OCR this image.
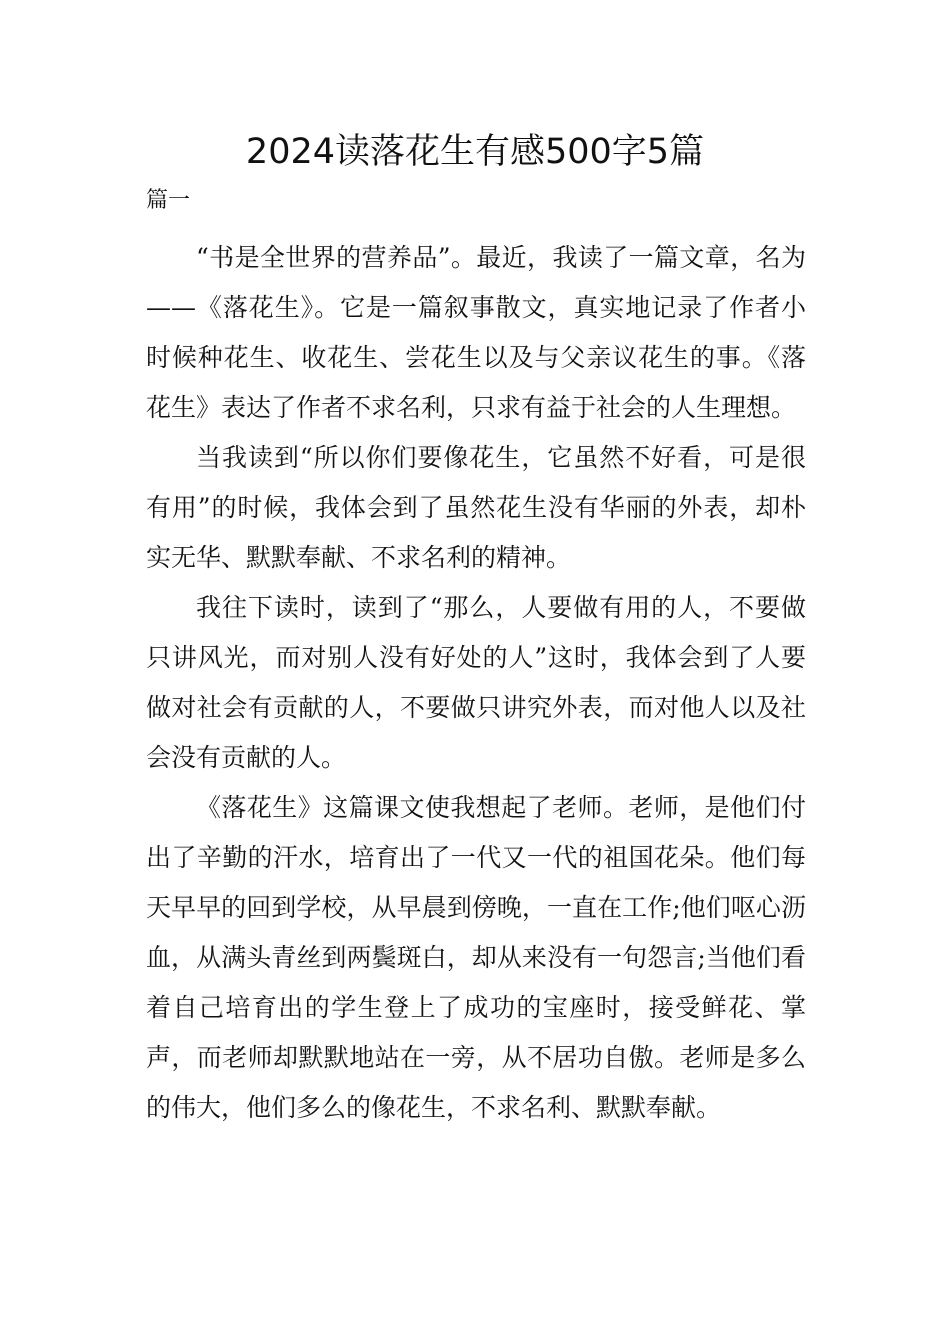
2024读落花生有感500字5篇
篇一

“书是全世界的营养品”。最近，我读了一篇文章，名为——《落花生》。它是一篇叙事散文，真实地记录了作者小时候种花生、收花生、尝花生以及与父亲议花生的事。《落花生》表达了作者不求名利，只求有益于社会的人生理想。

当我读到“所以你们要像花生，它虽然不好看，可是很有用”的时候，我体会到了虽然花生没有华丽的外表，却朴实无华、默默奉献、不求名利的精神。

我往下读时，读到了“那么，人要做有用的人，不要做只讲风光，而对别人没有好处的人”这时，我体会到了人要做对社会有贡献的人，不要做只讲究外表，而对他人以及社会没有贡献的人。

《落花生》这篇课文使我想起了老师。老师，是他们付出了辛勤的汗水，培育出了一代又一代的祖国花朵。他们每天早早的回到学校，从早晨到傍晚，一直在工作;他们呕心沥血，从满头青丝到两鬓斑白，却从来没有一句怨言;当他们看着自己培育出的学生登上了成功的宝座时，接受鲜花、掌声，而老师却默默地站在一旁，从不居功自傲。老师是多么的伟大，他们多么的像花生，不求名利、默默奉献。
